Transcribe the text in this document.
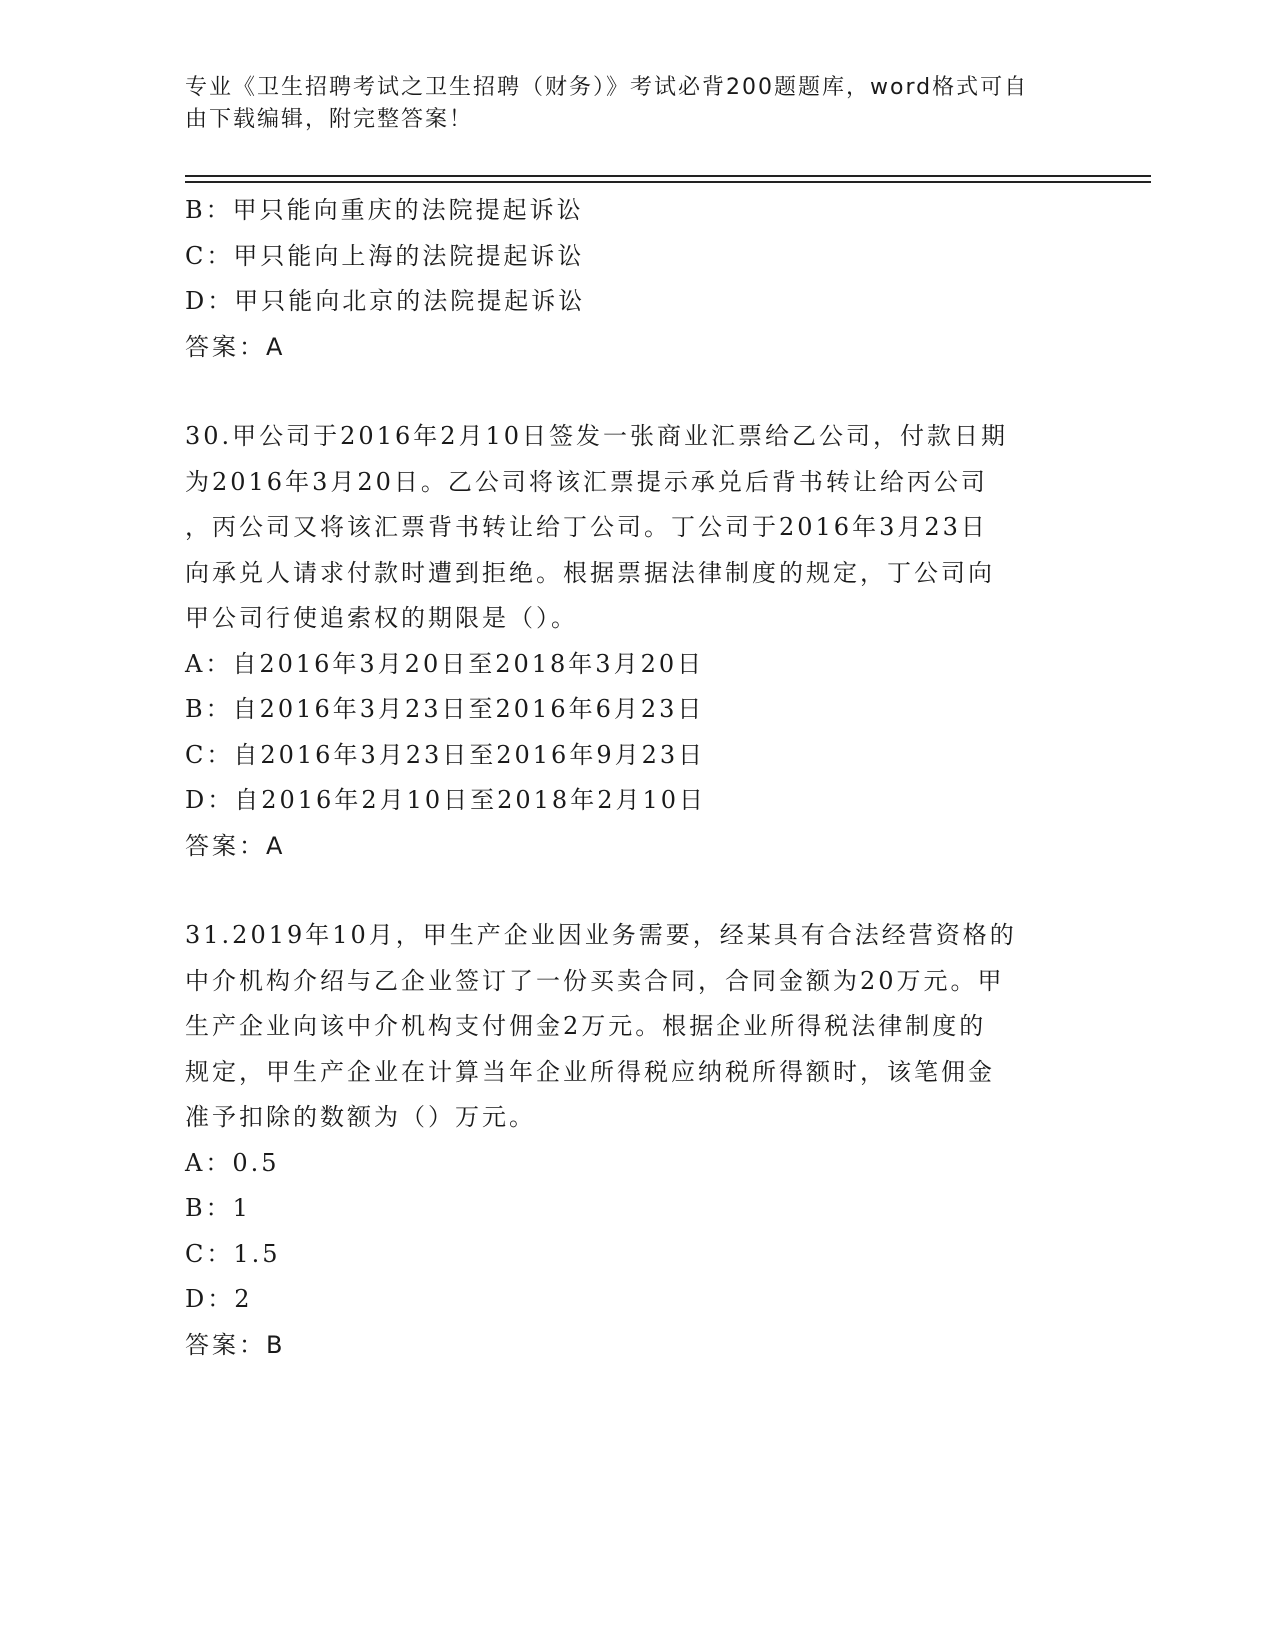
专业《卫生招聘考试之卫生招聘（财务）》考试必背200题题库，word格式可自
由下载编辑，附完整答案！
B：甲只能向重庆的法院提起诉讼
C：甲只能向上海的法院提起诉讼
D：甲只能向北京的法院提起诉讼
答案：A
30.甲公司于2016年2月10日签发一张商业汇票给乙公司，付款日期
为2016年3月20日。乙公司将该汇票提示承兑后背书转让给丙公司
，丙公司又将该汇票背书转让给丁公司。丁公司于2016年3月23日
向承兑人请求付款时遭到拒绝。根据票据法律制度的规定，丁公司向
甲公司行使追索权的期限是（）。
A：自2016年3月20日至2018年3月20日
B：自2016年3月23日至2016年6月23日
C：自2016年3月23日至2016年9月23日
D：自2016年2月10日至2018年2月10日
答案：A
31.2019年10月，甲生产企业因业务需要，经某具有合法经营资格的
中介机构介绍与乙企业签订了一份买卖合同，合同金额为20万元。甲
生产企业向该中介机构支付佣金2万元。根据企业所得税法律制度的
规定，甲生产企业在计算当年企业所得税应纳税所得额时，该笔佣金
准予扣除的数额为（）万元。
A：0.5
B：1
C：1.5
D：2
答案：B
